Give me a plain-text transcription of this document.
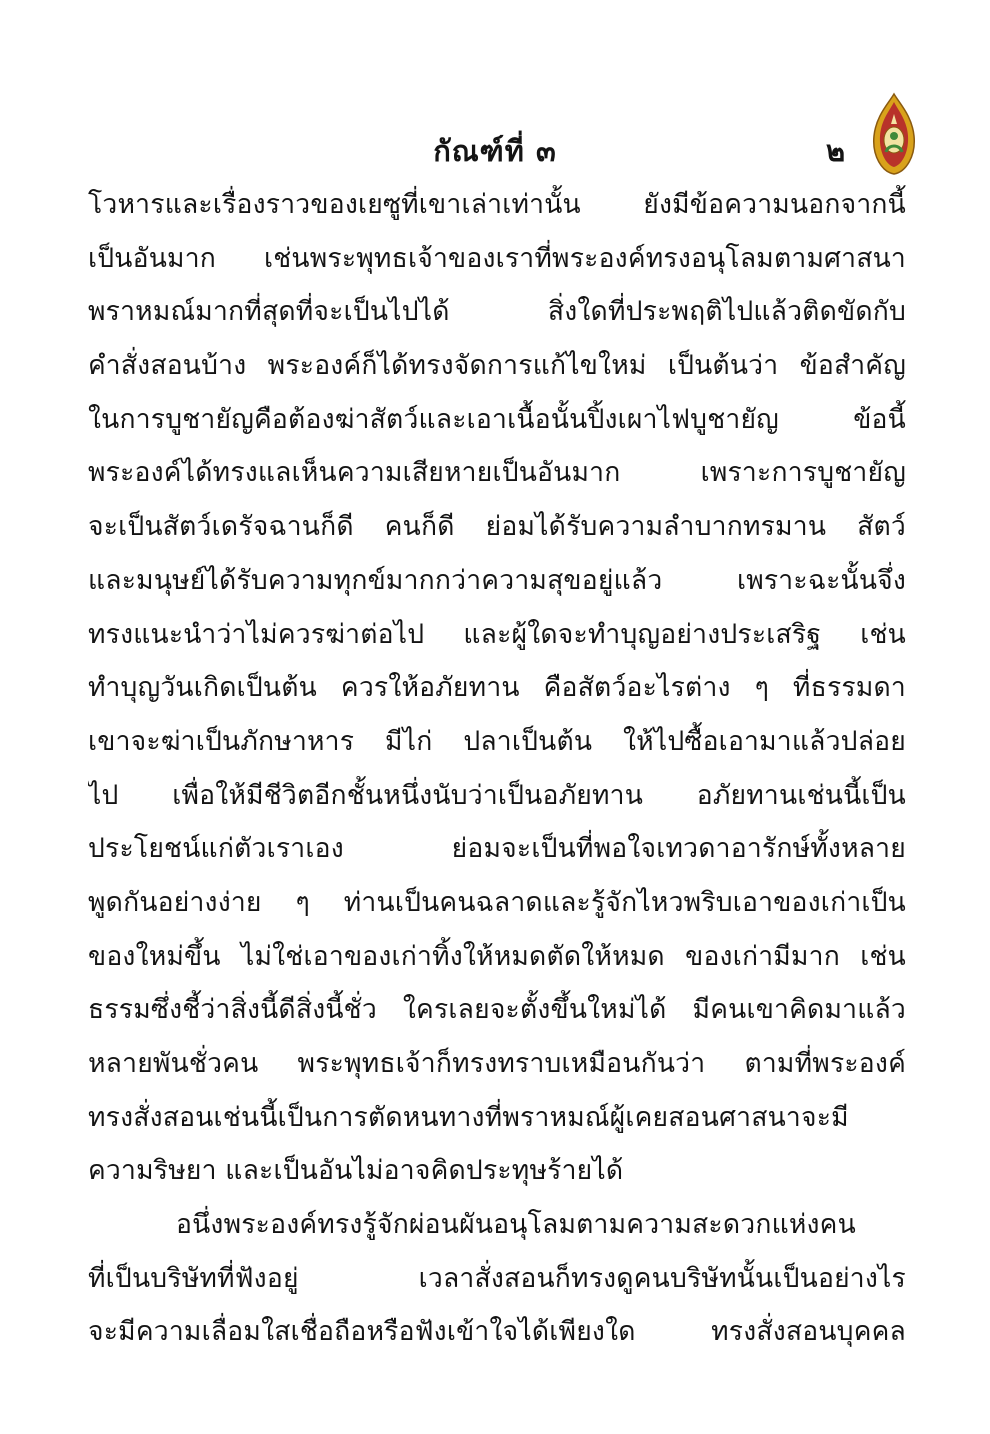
กัณฑ์ที่ ๓	๒
โวหารและเรื่องราวของเยซูที่เขาเล่าเท่านั้น ยังมีข้อความนอกจากนี้
เป็นอันมาก เช่นพระพุทธเจ้าของเราที่พระองค์ทรงอนุโลมตามศาสนา
พราหมณ์มากที่สุดที่จะเป็นไปได้ สิ่งใดที่ประพฤติไปแล้วติดขัดกับ
คำสั่งสอนบ้าง พระองค์ก็ได้ทรงจัดการแก้ไขใหม่ เป็นต้นว่า ข้อสำคัญ
ในการบูชายัญคือต้องฆ่าสัตว์และเอาเนื้อนั้นปิ้งเผาไฟบูชายัญ ข้อนี้
พระองค์ได้ทรงแลเห็นความเสียหายเป็นอันมาก เพราะการบูชายัญ
จะเป็นสัตว์เดรัจฉานก็ดี คนก็ดี ย่อมได้รับความลำบากทรมาน สัตว์
และมนุษย์ได้รับความทุกข์มากกว่าความสุขอยู่แล้ว เพราะฉะนั้นจึ่ง
ทรงแนะนำว่าไม่ควรฆ่าต่อไป และผู้ใดจะทำบุญอย่างประเสริฐ เช่น
ทำบุญวันเกิดเป็นต้น ควรให้อภัยทาน คือสัตว์อะไรต่าง ๆ ที่ธรรมดา
เขาจะฆ่าเป็นภักษาหาร มีไก่ ปลาเป็นต้น ให้ไปซื้อเอามาแล้วปล่อย
ไป เพื่อให้มีชีวิตอีกชั้นหนึ่งนับว่าเป็นอภัยทาน อภัยทานเช่นนี้เป็น
ประโยชน์แก่ตัวเราเอง ย่อมจะเป็นที่พอใจเทวดาอารักษ์ทั้งหลาย
พูดกันอย่างง่าย ๆ ท่านเป็นคนฉลาดและรู้จักไหวพริบเอาของเก่าเป็น
ของใหม่ขึ้น ไม่ใช่เอาของเก่าทิ้งให้หมดตัดให้หมด ของเก่ามีมาก เช่น
ธรรมซึ่งชี้ว่าสิ่งนี้ดีสิ่งนี้ชั่ว ใครเลยจะตั้งขึ้นใหม่ได้ มีคนเขาคิดมาแล้ว
หลายพันชั่วคน พระพุทธเจ้าก็ทรงทราบเหมือนกันว่า ตามที่พระองค์
ทรงสั่งสอนเช่นนี้เป็นการตัดหนทางที่พราหมณ์ผู้เคยสอนศาสนาจะมี
ความริษยา และเป็นอันไม่อาจคิดประทุษร้ายได้
อนึ่งพระองค์ทรงรู้จักผ่อนผันอนุโลมตามความสะดวกแห่งคน
ที่เป็นบริษัทที่ฟังอยู่ เวลาสั่งสอนก็ทรงดูคนบริษัทนั้นเป็นอย่างไร
จะมีความเลื่อมใสเชื่อถือหรือฟังเข้าใจได้เพียงใด ทรงสั่งสอนบุคคล
